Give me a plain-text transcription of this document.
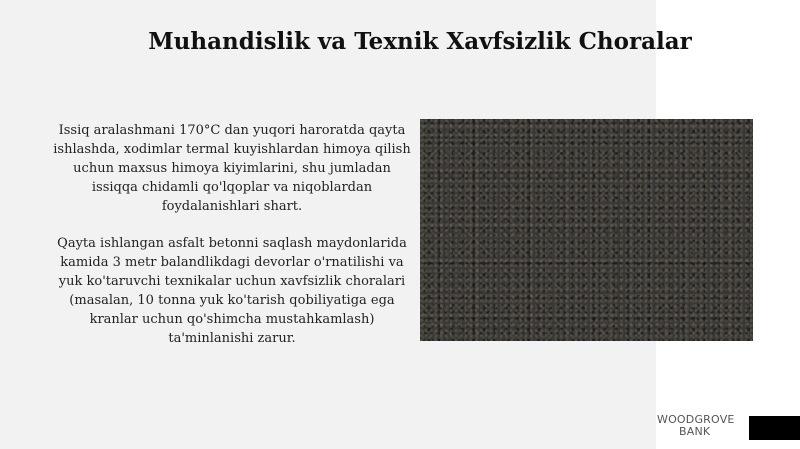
Muhandislik va Texnik Xavfsizlik Choralar

Issiq aralashmani 170°C dan yuqori haroratda qayta ishlashda, xodimlar termal kuyishlardan himoya qilish uchun maxsus himoya kiyimlarini, shu jumladan issiqqa chidamli qo'lqoplar va niqoblardan foydalanishlari shart.

Qayta ishlangan asfalt betonni saqlash maydonlarida kamida 3 metr balandlikdagi devorlar o'rnatilishi va yuk ko'taruvchi texnikalar uchun xavfsizlik choralari (masalan, 10 tonna yuk ko'tarish qobiliyatiga ega kranlar uchun qo'shimcha mustahkamlash) ta'minlanishi zarur.

WOODGROVE
BANK
